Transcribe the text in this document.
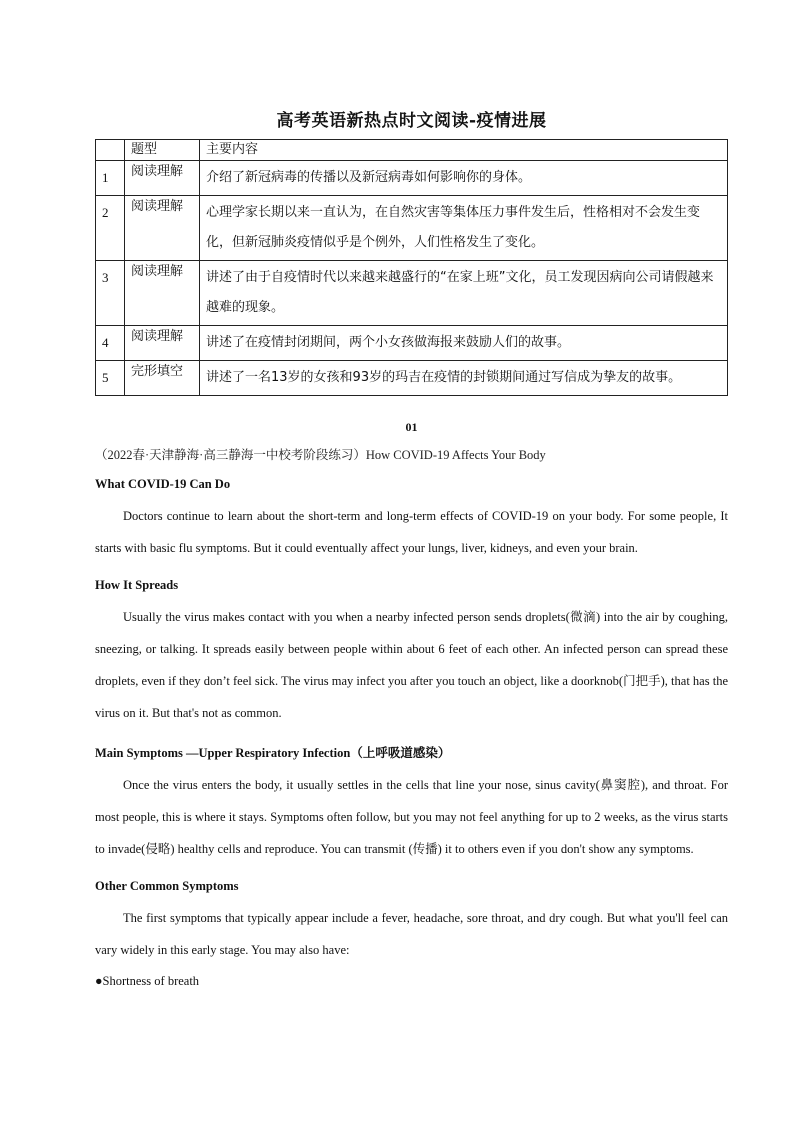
高考英语新热点时文阅读-疫情进展
	题型	主要内容
1	阅读理解	介绍了新冠病毒的传播以及新冠病毒如何影响你的身体。
2	阅读理解	心理学家长期以来一直认为，在自然灾害等集体压力事件发生后，性格相对不会发生变化，但新冠肺炎疫情似乎是个例外，人们性格发生了变化。
3	阅读理解	讲述了由于自疫情时代以来越来越盛行的“在家上班”文化，员工发现因病向公司请假越来越难的现象。
4	阅读理解	讲述了在疫情封闭期间，两个小女孩做海报来鼓励人们的故事。
5	完形填空	讲述了一名13岁的女孩和93岁的玛吉在疫情的封锁期间通过写信成为挚友的故事。
01
（2022春·天津静海·高三静海一中校考阶段练习）How COVID-19 Affects Your Body
What COVID-19 Can Do
Doctors continue to learn about the short-term and long-term effects of COVID-19 on your body. For some people, It starts with basic flu symptoms. But it could eventually affect your lungs, liver, kidneys, and even your brain.
How It Spreads
Usually the virus makes contact with you when a nearby infected person sends droplets(微滴) into the air by coughing, sneezing, or talking. It spreads easily between people within about 6 feet of each other. An infected person can spread these droplets, even if they don’t feel sick. The virus may infect you after you touch an object, like a doorknob(门把手), that has the virus on it. But that's not as common.
Main Symptoms —Upper Respiratory Infection（上呼吸道感染）
Once the virus enters the body, it usually settles in the cells that line your nose, sinus cavity(鼻窦腔), and throat. For most people, this is where it stays. Symptoms often follow, but you may not feel anything for up to 2 weeks, as the virus starts to invade(侵略) healthy cells and reproduce. You can transmit (传播) it to others even if you don't show any symptoms.
Other Common Symptoms
The first symptoms that typically appear include a fever, headache, sore throat, and dry cough. But what you'll feel can vary widely in this early stage. You may also have:
●Shortness of breath
